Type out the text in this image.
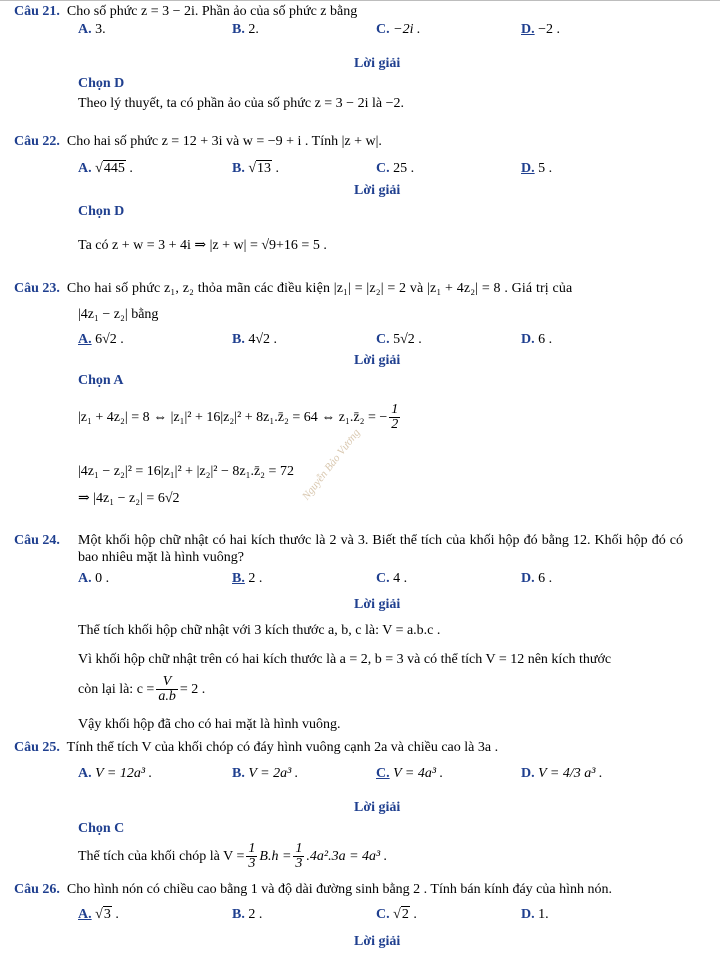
Câu 21. Cho số phức z = 3 − 2i. Phần ảo của số phức z bằng
A. 3.	B. 2.	C. −2i .	D. −2 .
Lời giải
Chọn D
Theo lý thuyết, ta có phần ảo của số phức z = 3 − 2i là −2.
Câu 22. Cho hai số phức z = 12 + 3i và w = −9 + i . Tính |z + w|.
A. √445 .	B. √13 .	C. 25 .	D. 5 .
Lời giải
Chọn D
Ta có z + w = 3 + 4i ⇒ |z + w| = √9+16 = 5 .
Câu 23. Cho hai số phức z₁, z₂ thỏa mãn các điều kiện |z₁| = |z₂| = 2 và |z₁ + 4z₂| = 8 . Giá trị của
|4z₁ − z₂| bằng
A. 6√2 .	B. 4√2 .	C. 5√2 .	D. 6 .
Lời giải
Chọn A
|z₁ + 4z₂| = 8 ⇔ |z₁|² + 16|z₂|² + 8z₁.z̄₂ = 64 ⇔ z₁.z̄₂ = − $\frac{1}{2}$
|4z₁ − z₂|² = 16|z₁|² + |z₂|² − 8z₁.z̄₂ = 72
⇒ |4z₁ − z₂| = 6√2	Nguyễn Bảo Vương
Câu 24. Một khối hộp chữ nhật có hai kích thước là 2 và 3. Biết thể tích của khối hộp đó bằng 12. Khối hộp đó có bao nhiêu mặt là hình vuông?
A. 0 .	B. 2 .	C. 4 .	D. 6 .
Lời giải
Thể tích khối hộp chữ nhật với 3 kích thước a, b, c là: V = a.b.c .
Vì khối hộp chữ nhật trên có hai kích thước là a = 2, b = 3 và có thể tích V = 12 nên kích thước
còn lại là: $c = \frac{V}{a.b} = 2$ .
Vậy khối hộp đã cho có hai mặt là hình vuông.
Câu 25. Tính thể tích V của khối chóp có đáy hình vuông cạnh 2a và chiều cao là 3a .
A. V = 12a³ .	B. V = 2a³ .	C. V = 4a³ .	D. V = 4/3 a³ .
Lời giải
Chọn C
Thể tích của khối chóp là $V = \frac{1}{3} B.h = \frac{1}{3} .4a^2.3a = 4a^3$ .
Câu 26. Cho hình nón có chiều cao bằng 1 và độ dài đường sinh bằng 2 . Tính bán kính đáy của hình nón.
A. √3 .	B. 2 .	C. √2 .	D. 1.
Lời giải
